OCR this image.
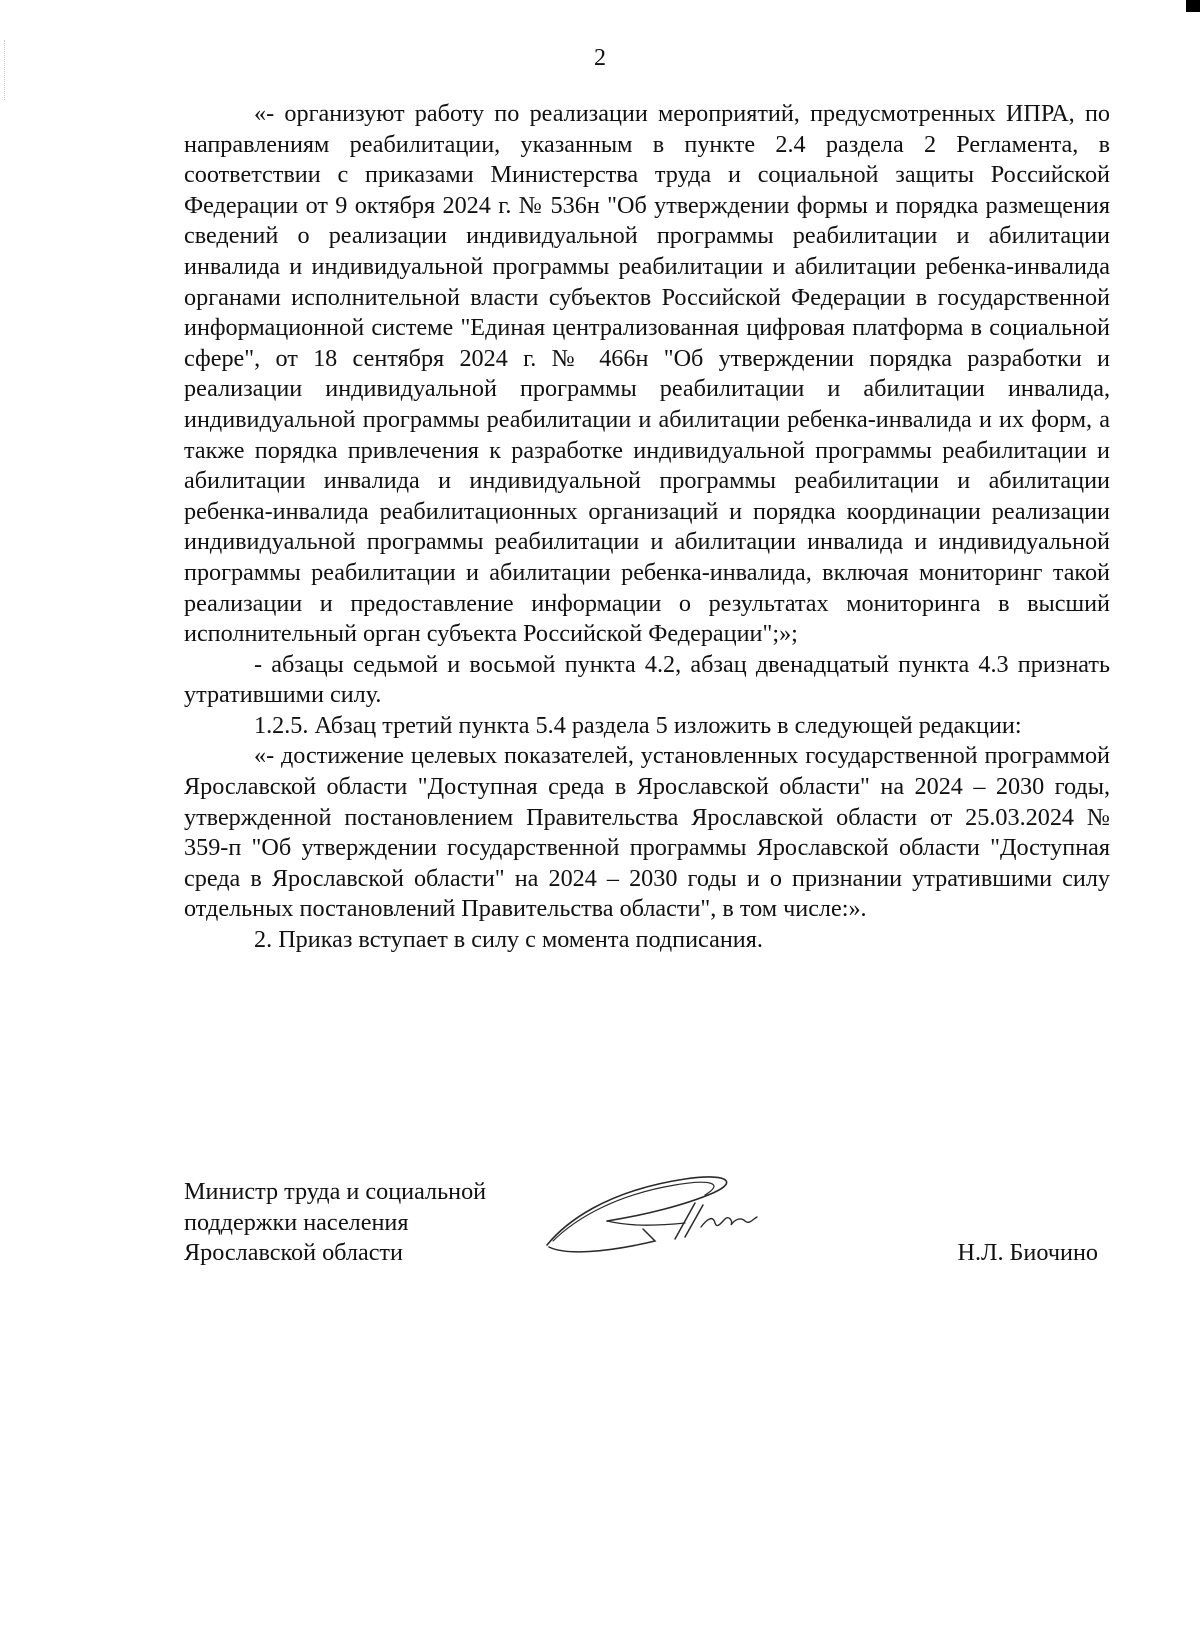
2

«- организуют работу по реализации мероприятий, предусмотренных ИПРА, по направлениям реабилитации, указанным в пункте 2.4 раздела 2 Регламента, в соответствии с приказами Министерства труда и социальной защиты Российской Федерации от 9 октября 2024 г. № 536н "Об утверждении формы и порядка размещения сведений о реализации индивидуальной программы реабилитации и абилитации инвалида и индивидуальной программы реабилитации и абилитации ребенка-инвалида органами исполнительной власти субъектов Российской Федерации в государственной информационной системе "Единая централизованная цифровая платформа в социальной сфере", от 18 сентября 2024 г. № 466н "Об утверждении порядка разработки и реализации индивидуальной программы реабилитации и абилитации инвалида, индивидуальной программы реабилитации и абилитации ребенка-инвалида и их форм, а также порядка привлечения к разработке индивидуальной программы реабилитации и абилитации инвалида и индивидуальной программы реабилитации и абилитации ребенка-инвалида реабилитационных организаций и порядка координации реализации индивидуальной программы реабилитации и абилитации инвалида и индивидуальной программы реабилитации и абилитации ребенка-инвалида, включая мониторинг такой реализации и предоставление информации о результатах мониторинга в высший исполнительный орган субъекта Российской Федерации";»;

- абзацы седьмой и восьмой пункта 4.2, абзац двенадцатый пункта 4.3 признать утратившими силу.

1.2.5. Абзац третий пункта 5.4 раздела 5 изложить в следующей редакции:

«- достижение целевых показателей, установленных государственной программой Ярославской области "Доступная среда в Ярославской области" на 2024 – 2030 годы, утвержденной постановлением Правительства Ярославской области от 25.03.2024 № 359-п "Об утверждении государственной программы Ярославской области "Доступная среда в Ярославской области" на 2024 – 2030 годы и о признании утратившими силу отдельных постановлений Правительства области", в том числе:».

2. Приказ вступает в силу с момента подписания.

Министр труда и социальной
поддержки населения
Ярославской области	Н.Л. Биочино
